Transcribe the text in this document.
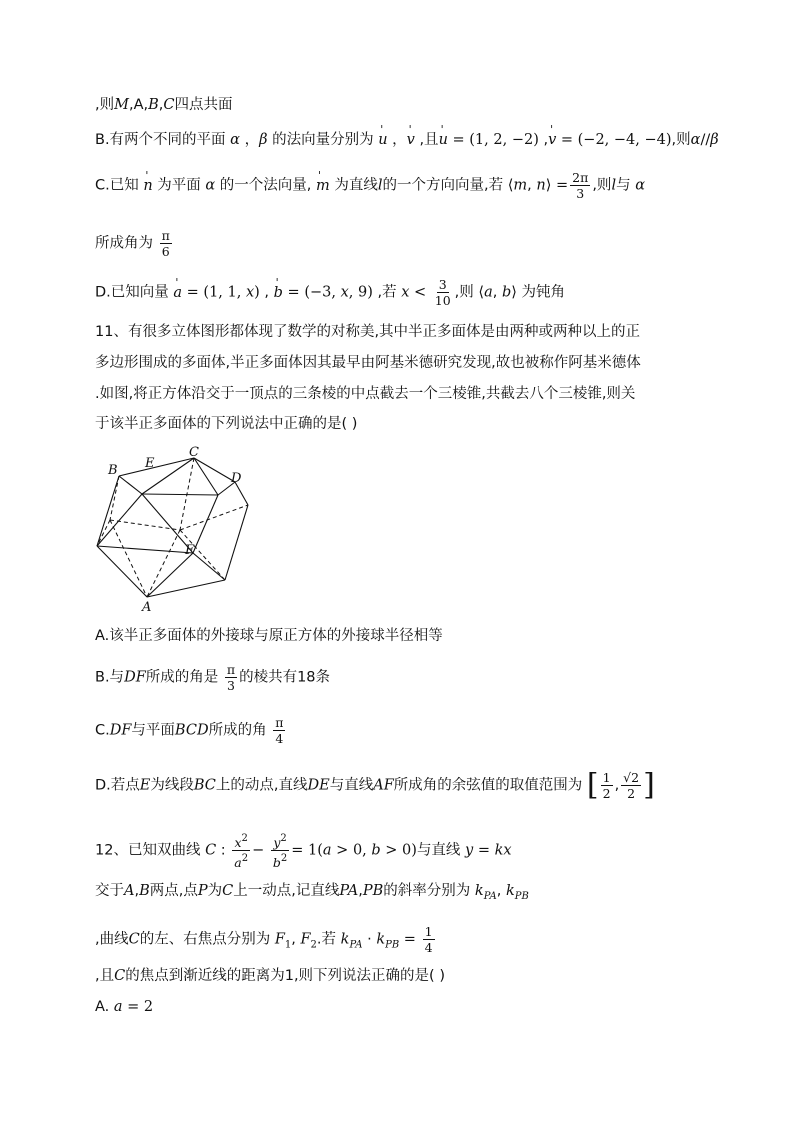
,则M,A,B,C四点共面
B.有两个不同的平面 α ，β 的法向量分别为 ' u ，' v ,且' u = (1, 2, −2) ,' v = (−2, −4, −4),则α//β
C.已知 ' n 为平面 α 的一个法向量, ' m 为直线l的一个方向向量,若 ⟨m, n⟩ = $\frac{2\pi}{3}$ ,则l与 α
所成角为 $\frac{\pi}{6}$
D.已知向量 ' a = (1, 1, x) , ' b = (−3, x, 9) ,若 $x < \frac{3}{10}$ ,则 ⟨a, b⟩ 为钝角
11、有很多立体图形都体现了数学的对称美,其中半正多面体是由两种或两种以上的正
多边形围成的多面体,半正多面体因其最早由阿基米德研究发现,故也被称作阿基米德体
.如图,将正方体沿交于一顶点的三条棱的中点截去一个三棱锥,共截去八个三棱锥,则关
于该半正多面体的下列说法中正确的是( )
B E
C
D
F
A
A.该半正多面体的外接球与原正方体的外接球半径相等
B.与DF所成的角是 $\frac{\pi}{3}$ 的棱共有18条
C.DF与平面BCD所成的角 $\frac{\pi}{4}$
D.若点E为线段BC上的动点,直线DE与直线AF所成角的余弦值的取值范围为 [ $\frac{1}{2}$ , $\frac{√2}{2}$ ]
12、已知双曲线 C : $\frac{x^2}{a^2} - \frac{y^2}{b^2} = 1(a > 0$, b > 0)与直线 y = kx
交于A,B两点,点P为C上一动点,记直线PA,PB的斜率分别为 $k_{PA}$, $k_{PB}$
,曲线C的左、右焦点分别为 $F_1$, $F_2$.若 $k_{PA} \cdot k_{PB} = \frac{1}{4}$
,且C的焦点到渐近线的距离为1,则下列说法正确的是( )
A. a = 2
